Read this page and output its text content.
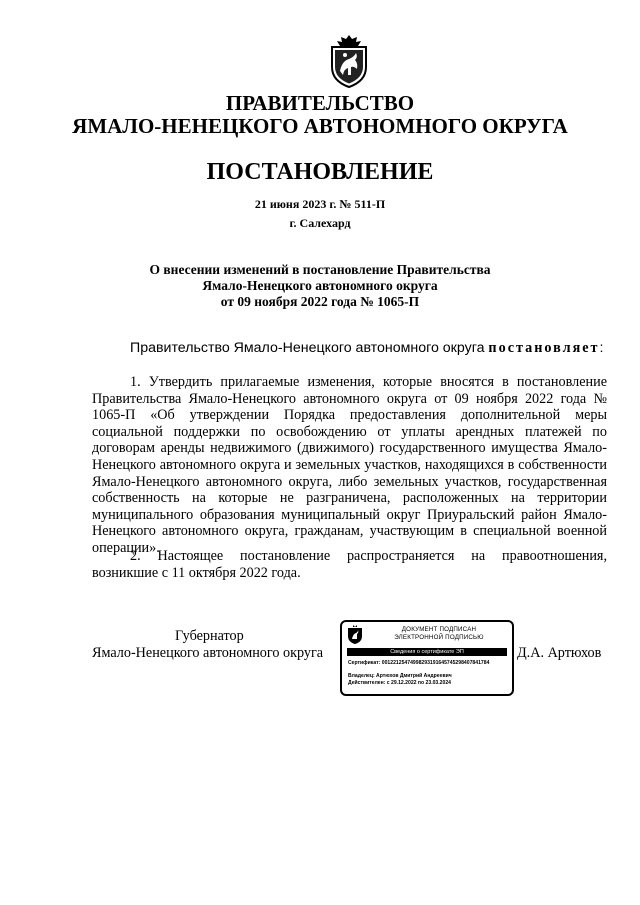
ПРАВИТЕЛЬСТВО
ЯМАЛО-НЕНЕЦКОГО АВТОНОМНОГО ОКРУГА
ПОСТАНОВЛЕНИЕ
21 июня 2023 г. № 511-П
г. Салехард
О внесении изменений в постановление Правительства
Ямало-Ненецкого автономного округа
от 09 ноября 2022 года № 1065-П
Правительство Ямало-Ненецкого автономного округа постановляет:
1. Утвердить прилагаемые изменения, которые вносятся в постановление Правительства Ямало-Ненецкого автономного округа от 09 ноября 2022 года № 1065-П «Об утверждении Порядка предоставления дополнительной меры социальной поддержки по освобождению от уплаты арендных платежей по договорам аренды недвижимого (движимого) государственного имущества Ямало-Ненецкого автономного округа и земельных участков, находящихся в собственности Ямало-Ненецкого автономного округа, либо земельных участков, государственная собственность на которые не разграничена, расположенных на территории муниципального образования муниципальный округ Приуральский район Ямало-Ненецкого автономного округа, гражданам, участвующим в специальной военной операции».
2. Настоящее постановление распространяется на правоотношения, возникшие с 11 октября 2022 года.
Губернатор
Ямало-Ненецкого автономного округа	Д.А. Артюхов
ДОКУМЕНТ ПОДПИСАН
ЭЛЕКТРОННОЙ ПОДПИСЬЮ
Сведения о сертификате ЭП
Сертификат: 00122125474998293191645745298407841784
Владелец: Артюхов Дмитрий Андреевич
Действителен: с 29.12.2022 по 23.03.2024
